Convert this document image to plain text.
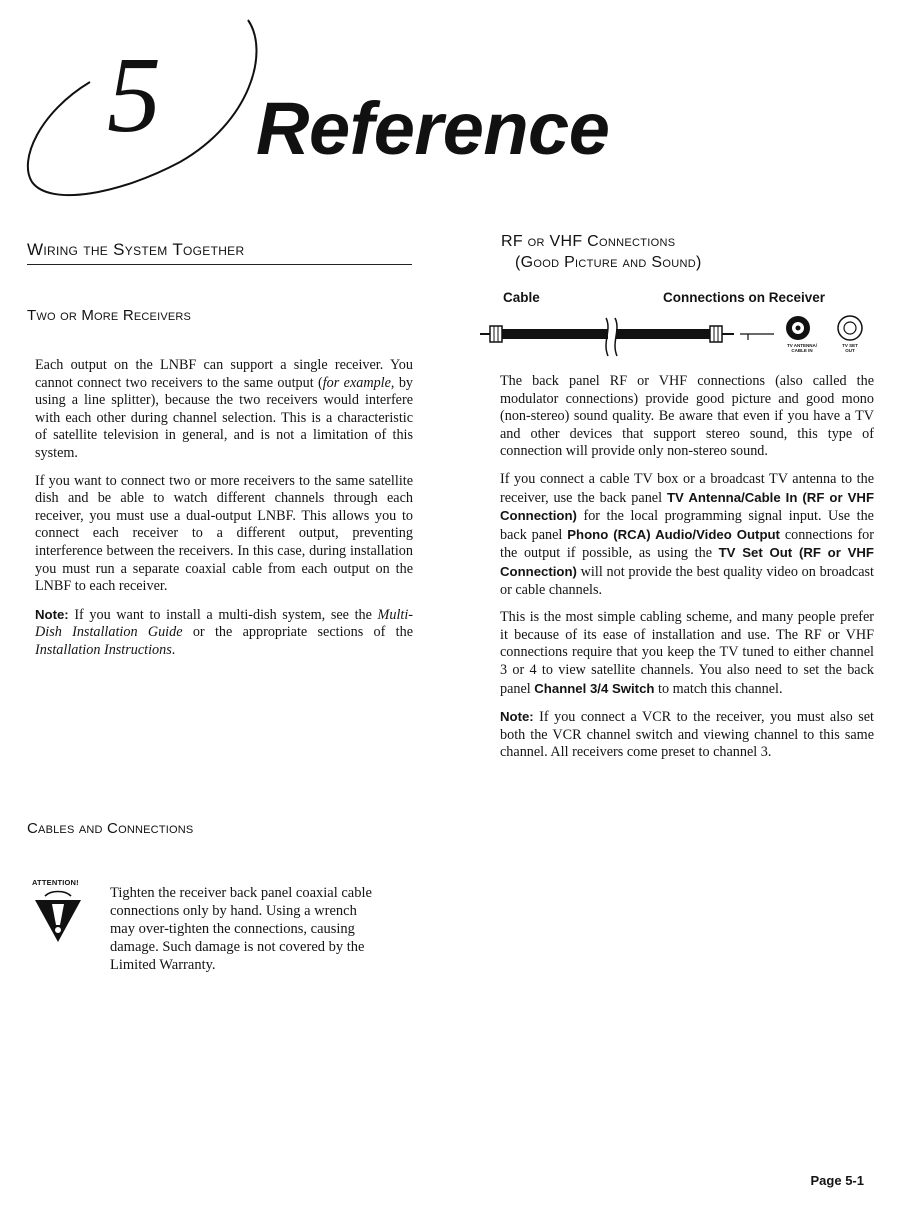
5 Reference
Wiring the System Together
Two or More Receivers

Each output on the LNBF can support a single receiver. You cannot connect two receivers to the same output (for example, by using a line splitter), because the two receivers would interfere with each other during channel selection. This is a characteristic of satellite television in general, and is not a limitation of this system.

If you want to connect two or more receivers to the same satellite dish and be able to watch different channels through each receiver, you must use a dual-output LNBF. This allows you to connect each receiver to a different output, preventing interference between the receivers. In this case, during installation you must run a separate coaxial cable from each output on the LNBF to each receiver.

Note: If you want to install a multi-dish system, see the Multi-Dish Installation Guide or the appropriate sections of the Installation Instructions.

Cables and Connections
ATTENTION!
Tighten the receiver back panel coaxial cable connections only by hand. Using a wrench may over-tighten the connections, causing damage. Such damage is not covered by the Limited Warranty.
RF or VHF Connections
(Good Picture and Sound)
Cable	Connections on Receiver
TV ANTENNA/ CABLE IN
TV SET OUT

The back panel RF or VHF connections (also called the modulator connections) provide good picture and good mono (non-stereo) sound quality. Be aware that even if you have a TV and other devices that support stereo sound, this type of connection will provide only non-stereo sound.

If you connect a cable TV box or a broadcast TV antenna to the receiver, use the back panel TV Antenna/Cable In (RF or VHF Connection) for the local programming signal input. Use the back panel Phono (RCA) Audio/Video Output connections for the output if possible, as using the TV Set Out (RF or VHF Connection) will not provide the best quality video on broadcast or cable channels.

This is the most simple cabling scheme, and many people prefer it because of its ease of installation and use. The RF or VHF connections require that you keep the TV tuned to either channel 3 or 4 to view satellite channels. You also need to set the back panel Channel 3/4 Switch to match this channel.

Note: If you connect a VCR to the receiver, you must also set both the VCR channel switch and viewing channel to this same channel. All receivers come preset to channel 3.

Page 5-1
